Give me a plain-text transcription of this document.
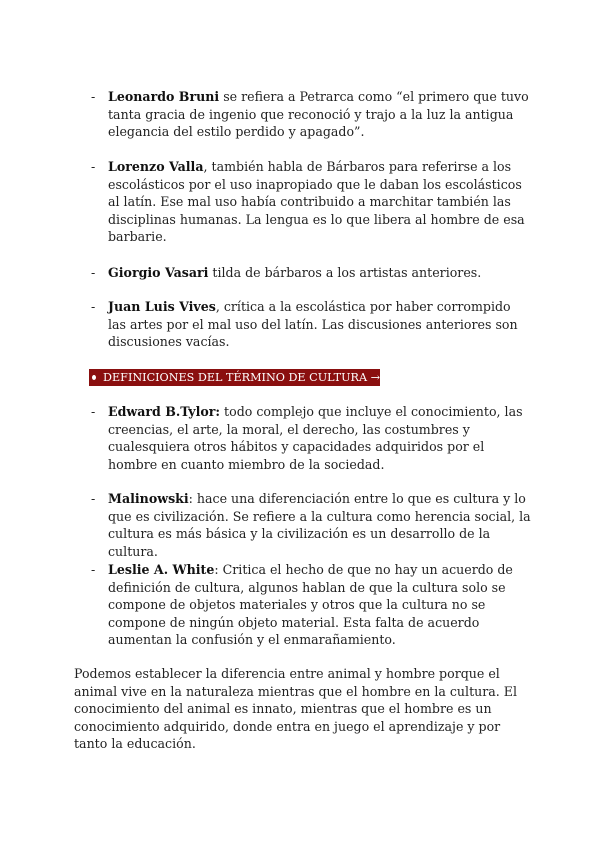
- Leonardo Bruni se refiera a Petrarca como “el primero que tuvo tanta gracia de ingenio que reconoció y trajo a la luz la antigua elegancia del estilo perdido y apagado”.
- Lorenzo Valla, también habla de Bárbaros para referirse a los escolásticos por el uso inapropiado que le daban los escolásticos al latín. Ese mal uso había contribuido a marchitar también las disciplinas humanas. La lengua es lo que libera al hombre de esa barbarie.
- Giorgio Vasari tilda de bárbaros a los artistas anteriores.
- Juan Luis Vives, crítica a la escolástica por haber corrompido las artes por el mal uso del latín. Las discusiones anteriores son discusiones vacías.
DEFINICIONES DEL TÉRMINO DE CULTURA →
- Edward B.Tylor: todo complejo que incluye el conocimiento, las creencias, el arte, la moral, el derecho, las costumbres y cualesquiera otros hábitos y capacidades adquiridos por el hombre en cuanto miembro de la sociedad.
- Malinowski: hace una diferenciación entre lo que es cultura y lo que es civilización. Se refiere a la cultura como herencia social, la cultura es más básica y la civilización es un desarrollo de la cultura.
- Leslie A. White: Critica el hecho de que no hay un acuerdo de definición de cultura, algunos hablan de que la cultura solo se compone de objetos materiales y otros que la cultura no se compone de ningún objeto material. Esta falta de acuerdo aumentan la confusión y el enmarañamiento.

Podemos establecer la diferencia entre animal y hombre porque el animal vive en la naturaleza mientras que el hombre en la cultura. El conocimiento del animal es innato, mientras que el hombre es un conocimiento adquirido, donde entra en juego el aprendizaje y por tanto la educación.
